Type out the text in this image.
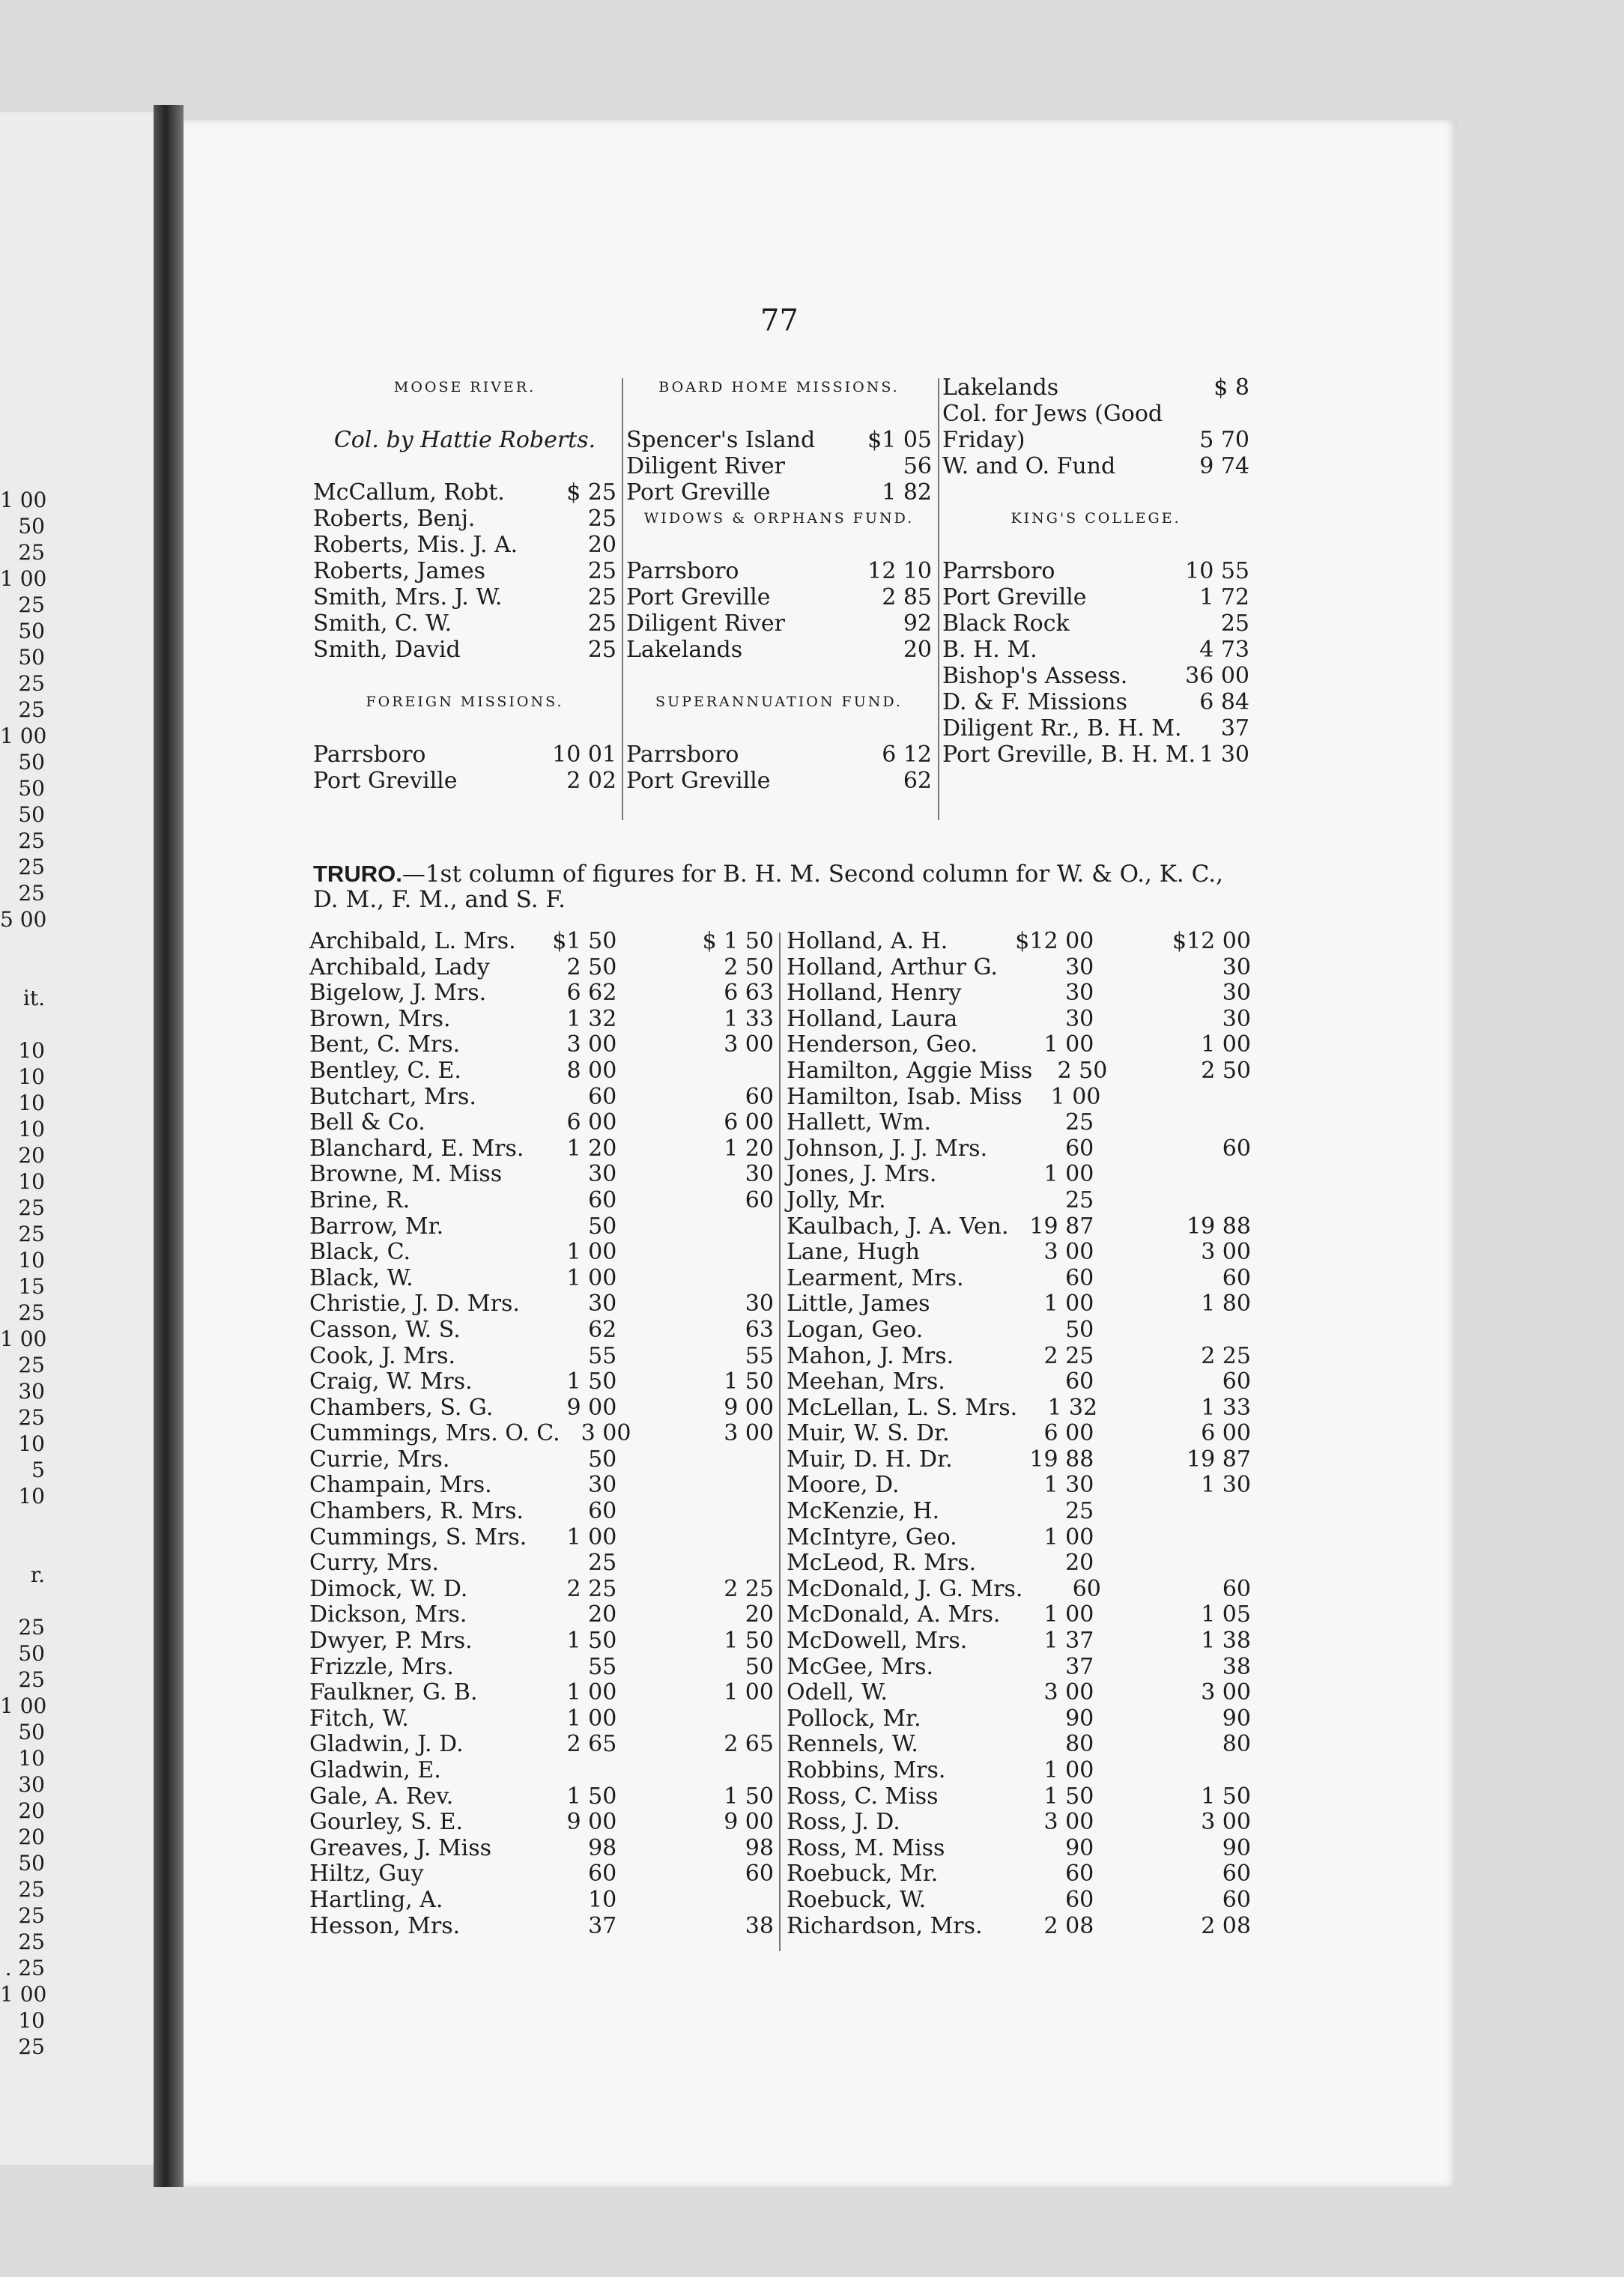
1 00
50
25
1 00
25
50
50
25
25
1 00
50
50
50
25
25
25
5 00
it.
10
10
10
10
20
10
25
25
10
15
25
1 00
25
30
25
10
5
10
r.
25
50
25
1 00
50
10
30
20
20
50
25
25
25
. 25
1 00
10
25
77
MOOSE RIVER.
Col. by Hattie Roberts.
McCallum, Robt.	$ 25
Roberts, Benj.	25
Roberts, Mis. J. A.	20
Roberts, James	25
Smith, Mrs. J. W.	25
Smith, C. W.	25
Smith, David	25
FOREIGN MISSIONS.
Parrsboro	10 01
Port Greville	2 02
BOARD HOME MISSIONS.
Spencer's Island	$1 05
Diligent River	56
Port Greville	1 82
WIDOWS & ORPHANS FUND.
Parrsboro	12 10
Port Greville	2 85
Diligent River	92
Lakelands	20
SUPERANNUATION FUND.
Parrsboro	6 12
Port Greville	62
Lakelands	$ 8
Col. for Jews (Good
Friday)	5 70
W. and O. Fund	9 74
KING'S COLLEGE.
Parrsboro	10 55
Port Greville	1 72
Black Rock	25
B. H. M.	4 73
Bishop's Assess.	36 00
D. & F. Missions	6 84
Diligent Rr., B. H. M.	37
Port Greville, B. H. M. 1 30
TRURO.—1st column of figures for B. H. M. Second column for W. & O., K. C., D. M., F. M., and S. F.
Archibald, L. Mrs.	$1 50	$ 1 50
Archibald, Lady	2 50	2 50
Bigelow, J. Mrs.	6 62	6 63
Brown, Mrs.	1 32	1 33
Bent, C. Mrs.	3 00	3 00
Bentley, C. E.	8 00
Butchart, Mrs.	60	60
Bell & Co.	6 00	6 00
Blanchard, E. Mrs.	1 20	1 20
Browne, M. Miss	30	30
Brine, R.	60	60
Barrow, Mr.	50
Black, C.	1 00
Black, W.	1 00
Christie, J. D. Mrs.	30	30
Casson, W. S.	62	63
Cook, J. Mrs.	55	55
Craig, W. Mrs.	1 50	1 50
Chambers, S. G.	9 00	9 00
Cummings, Mrs. O. C. 3 00	3 00
Currie, Mrs.	50
Champain, Mrs.	30
Chambers, R. Mrs.	60
Cummings, S. Mrs.	1 00
Curry, Mrs.	25
Dimock, W. D.	2 25	2 25
Dickson, Mrs.	20	20
Dwyer, P. Mrs.	1 50	1 50
Frizzle, Mrs.	55	50
Faulkner, G. B.	1 00	1 00
Fitch, W.	1 00
Gladwin, J. D.	2 65	2 65
Gladwin, E.
Gale, A. Rev.	1 50	1 50
Gourley, S. E.	9 00	9 00
Greaves, J. Miss	98	98
Hiltz, Guy	60	60
Hartling, A.	10
Hesson, Mrs.	37	38
Holland, A. H.	$12 00	$12 00
Holland, Arthur G.	30	30
Holland, Henry	30	30
Holland, Laura	30	30
Henderson, Geo.	1 00	1 00
Hamilton, Aggie Miss	2 50	2 50
Hamilton, Isab. Miss	1 00
Hallett, Wm.	25
Johnson, J. J. Mrs.	60	60
Jones, J. Mrs.	1 00
Jolly, Mr.	25
Kaulbach, J. A. Ven. 19 87	19 88
Lane, Hugh	3 00	3 00
Learment, Mrs.	60	60
Little, James	1 00	1 80
Logan, Geo.	50
Mahon, J. Mrs.	2 25	2 25
Meehan, Mrs.	60	60
McLellan, L. S. Mrs.	1 32	1 33
Muir, W. S. Dr.	6 00	6 00
Muir, D. H. Dr.	19 88	19 87
Moore, D.	1 30	1 30
McKenzie, H.	25
McIntyre, Geo.	1 00
McLeod, R. Mrs.	20
McDonald, J. G. Mrs.	60	60
McDonald, A. Mrs.	1 00	1 05
McDowell, Mrs.	1 37	1 38
McGee, Mrs.	37	38
Odell, W.	3 00	3 00
Pollock, Mr.	90	90
Rennels, W.	80	80
Robbins, Mrs.	1 00
Ross, C. Miss	1 50	1 50
Ross, J. D.	3 00	3 00
Ross, M. Miss	90	90
Roebuck, Mr.	60	60
Roebuck, W.	60	60
Richardson, Mrs.	2 08	2 08
